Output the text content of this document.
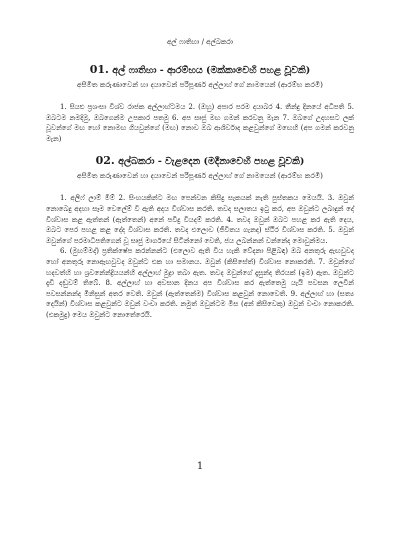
අල් ෆාතිහා / අල්බකරා
01. අල් ෆාතිහා - ආරම්භය (මක්කාවෙහි පහළ වූවකි)

අසීමිත කරුණාවෙන් හා දයාවෙන් පරිපූර්ණ අල්ලාහ් ගේ නාමයෙන් (ආරම්භ කරමි)

1. සියළු ප්‍රශංසා විශ්ව රාජක අල්ලාහ්ටමය 2. (ඔහු) අපාර පරම දයාබර 4. තීන්දු දිනයේ අධිපති 5. ඔබටම නමදිමු, ඔබගෙන්ම උපකාර පතමු 6. අප සෘජු මඟ ගමන් කරවනු මැන 7. ඔබගේ උදහසට ලක් වූවන්ගේ මඟ හෝ නොමඟ ගියවුන්ගේ (මඟ) නොව ඔබ ආශිර්වාද කළවුන්ගේ මඟෙහි (අප ගමන් කරවනු මැන)

02. අල්බකරා - වැළදෙන (මදීනාවෙහි පහළ වූවකි)

අසීමිත කරුණාවෙන් හා දයාවෙන් පරිපූර්ණ අල්ලාහ් ගේ නාමයෙන් (ආරම්භ කරමි)

1. අලිෆ් ලාම් මීම් 2. සිංහයකින්ට මඟ පෙන්වන කිසිදු සැකයක් නැති පුස්තකය මෙයයි. 3. ඔවුන් නොබෙදු අදහා සෑම වෙලේම් වී ඇති අදය විශ්වාස කරති. තවද සලාතය ඉටු කර, අප ඔවුන්ට ලබාදුන් දේ විශ්වාස කළ ඇත්තන් (ඇත්තෙන්) අනේ පවිදු වියදම් කරති. 4. තවද ඔවුන් ඔබට පහළ කර ඇති දෙය, ඔබට පෙර පහළ කළ දේද විශ්වාස කරති. තවද එලොව (ජීවිතය ගැනද) ස්ථිර විශ්වාස කරති. 5. ඔවුන් ඔවුන්ගේ පරමාධිපතිගෙන් වූ සෘජු මාර්ගයේ සිටින්නෝ වෙති, ජය ලබන්නන් වන්නේද මොවුන්මය.

6. (මුහම්මද්) ප්‍රතික්ෂේප කරන්නන්ට (එලොව ඇති විය හැකි වේදනා පිළිබඳ) ඔබ අනතුරු ඇඟවුවද හෝ අනතුරු නොඇඟවුවද ඔවුන්ට එක හා සමානය. ඔවුන් (කිසිසේත්) විශ්වාස නොකරති. 7. ඔවුන්ගේ හදවත්හි හා ශ්‍රවනේන්ද්‍රියයන්හි අල්ලාහ් මුද්‍රා තබා ඇත. තවද ඔවුන්ගේ දෑසුන්ද තිරයක් (ඉම) ඇත. ඔවුන්ට දැඩි දඬුවම් තිබේ. 8. අල්ලාහ් හා අවසාන දිනය අප විශ්වාස කර ඇත්තෙමු යැයි පවසන ලෙවින් පවසන්නන්ද මිනිසුන් අතර වෙති. ඔවුන් (ඇත්තෙන්ම) විශ්වාස කළවුන් නොවෙති. 9. අල්ලාහ් හා (සත්‍ය දෙයින්) විශ්වාස කළවුන්ට ඔවුන් වංචා කරති. නමුත් ඔවුන්ටම මිස (අන් කිසිවෙකු) ඔවුන් වංචා නොකරති. (එකමුදු) මෙය ඔවුන්ට නොතේරෙයි.

1
